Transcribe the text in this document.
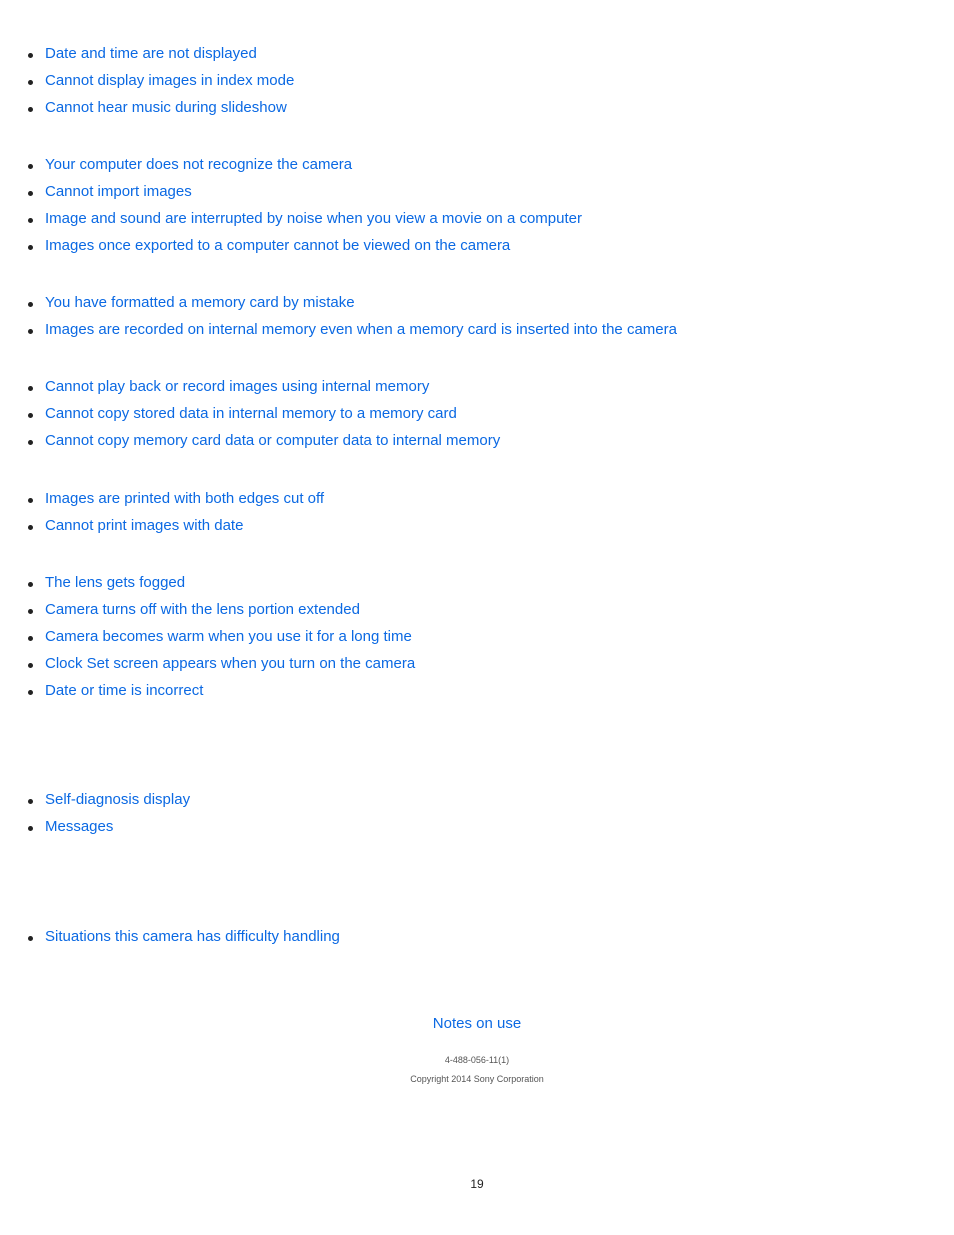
Date and time are not displayed
Cannot display images in index mode
Cannot hear music during slideshow
Your computer does not recognize the camera
Cannot import images
Image and sound are interrupted by noise when you view a movie on a computer
Images once exported to a computer cannot be viewed on the camera
You have formatted a memory card by mistake
Images are recorded on internal memory even when a memory card is inserted into the camera
Cannot play back or record images using internal memory
Cannot copy stored data in internal memory to a memory card
Cannot copy memory card data or computer data to internal memory
Images are printed with both edges cut off
Cannot print images with date
The lens gets fogged
Camera turns off with the lens portion extended
Camera becomes warm when you use it for a long time
Clock Set screen appears when you turn on the camera
Date or time is incorrect
Self-diagnosis display
Messages
Situations this camera has difficulty handling
Notes on use
4-488-056-11(1)
Copyright 2014 Sony Corporation
19
